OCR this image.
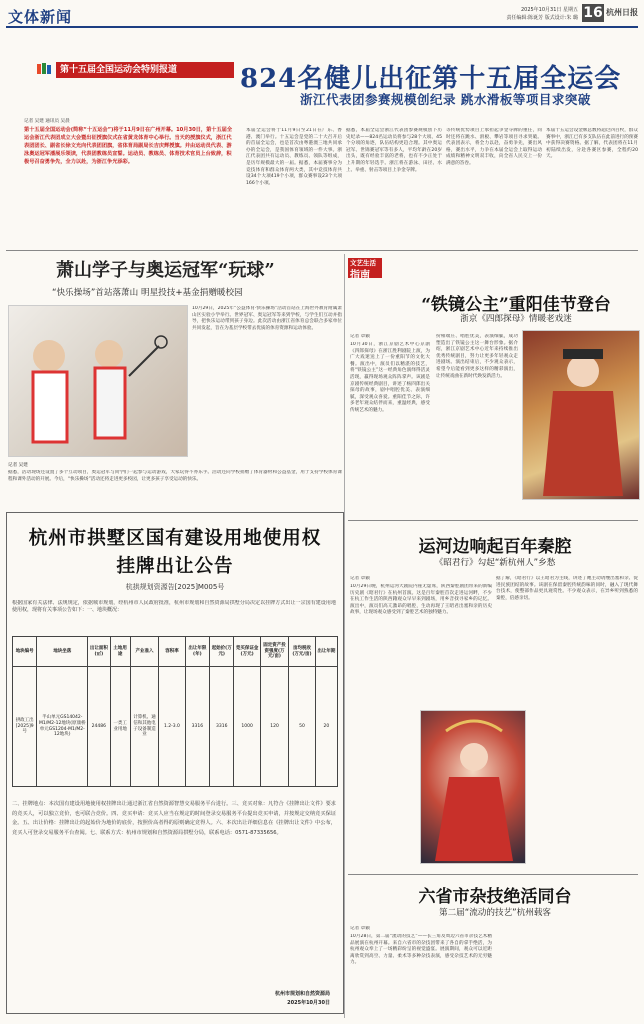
文体新闻	2025年10月31日 星期五
责任编辑:陈诞芳 版式设计:朱 璐 16 杭州日报
第十五届全国运动会特别报道	824名健儿出征第十五届全运会
浙江代表团参赛规模创纪录 跳水滑板等项目求突破
记者 吴建 通讯员 吴晨
第十五届全国运动会(简称“十五运会”)将于11月9日在广州开幕。10月30日，第十五届全运会浙江代表团成立大会暨出征授旗仪式在省黄龙体育中心举行。当天的授旗仪式，浙江代表团团长、副省长徐文光向代表团团旗，省体育局副局长吉庆辉授旗。并由运动员代表、游泳奥运冠军潘展乐领读，代表团教练员宣誓。运动员、教练员、体育技术官员上台致辞，积极号召奋勇争先，全力以赴，为浙江争光添彩。
本届全运会将于11月9日至21日在广东、香港、澳门举行。十五运会是党的二十大召开后的首届全运会，也是首次由粤港澳三地共同承办的全运会，是我国体育领域的一件大事。浙江代表团共有运动员、教练员、领队等组成，是历年规模最大的一届。据悉，本届赛事分为竞技体育和群众体育两大类，其中竞技体育共设34个大项419个小项，群众赛事设23个大项166个小项。
据悉，本届全运会浙江代表团参赛规模创下历史纪录——824名运动员将参与28个大项、45个分项的角逐，队伍结构更趋合理。其中奥运冠军、世锦赛冠军等有多人，平均年龄在20岁出头，既有经验丰富的老将，也有不少正处于上升期的年轻选手。浙江将在游泳、田径、水上、举重、射击等项目上争金夺牌。
等传统优势项目上承担起争金夺牌的重任，同时还将在跳水、滑板、攀岩等项目寻求突破。代表团表示，将全力以赴，奋勇争先，赛出风格，赛出水平，力争在本届全运会上取得运动成绩和精神文明双丰收，向全省人民交上一份满意的答卷。
本届十五运会设金牌总数将超过四百枚，群众赛事中，浙江已有多支队伍在此前进行的预赛中获得决赛资格。据了解，代表团将在11月初陆续出发，分赴各赛区参赛，全程约20天。
萧山学子与奥运冠军“玩球”
“快乐操场”首站落萧山 明星投技+基金捐赠暖校园
10月29日，2025年“公益体育·快乐操场”活动首站在上海世外教育附属萧山区实验小学举行。世界冠军、奥运冠军等来到学校，与学生们互动并指导，把快乐运动带到孩子身边。此次活动由浙江省体育总会联合多家单位共同发起，旨在为基层学校带去优质的体育资源和运动体验。
记者 吴建
据悉，活动现场还设置了多个互动项目，奥运冠军与同学们一起参与运动游戏，大家玩得不亦乐乎。活动还向学校捐赠了体育器材和公益基金，用于支持学校体育课程和课外活动的开展。今后，“快乐操场”活动还将走进更多校园，让更多孩子享受运动的快乐。
杭州市拱墅区国有建设用地使用权
挂牌出让公告
杭拱规划资源告[2025]M005号
根据国家有关法律、法规规定，依据城市规划，经杭州市人民政府批准，杭州市规划和自然资源局拱墅分局决定以挂牌方式出让一宗国有建设用地使用权，现将有关事项公告如下：一、地块概况：
地块编号	地块坐落	出让面积(㎡)	土地用途	产业准入	容积率	出让年限(年)	起始价(万元)	竞买保证金(万元)	固定资产投资强度(万元/亩)	亩均税收(万元/亩)	出让年期
拱政工出[2025]9号	半山单元GS14042-M1/M2-12地块(原康桥单元GS1204-M1/M2-12地块)	24486	一类工业用地	计算机、通信和其他电子设备制造业	1.2-3.0	3316	3316	1000	120	50	20
二、挂牌地点：本次国有建设用地使用权挂牌出让通过浙江省自然资源智慧交易服务平台进行。三、竞买对象：凡符合《挂牌出让文件》要求的竞买人，可以独立竞价，也可联合竞价。四、竞买申请：竞买人应当在规定的时间登录交易服务平台提出竞买申请，并按规定交纳竞买保证金。五、出让价格：挂牌出让的起始价为地价的底价，按照价高者得的原则确定竞得人。六、本次出让详细信息在《挂牌出让文件》中公布，竞买人可登录交易服务平台查阅。七、联系方式：杭州市规划和自然资源局拱墅分局，联系电话：0571-87335656。
杭州市规划和自然资源局
2025年10月30日
文艺生活
指南
“铁镜公主”重阳佳节登台
浙京《四郎探母》情暖老戏迷
记者 章颖
10月30日，浙江京剧艺术中心京剧《四郎探母》在浙江胜利剧院上演，为广大戏迷送上了一份重阳节的文化大餐。演出中，演员们以精湛的技艺，将“铁镜公主”这一经典角色演绎得活灵活现，赢得现场观众阵阵掌声。该剧是京剧传统经典剧目，讲述了杨四郎出关探母的故事，剧中唱腔优美、表演细腻，深受观众喜爱。重阳佳节之际，许多老年观众结伴而来，重温经典，感受传统艺术的魅力。
扮相端庄、唱腔优美，表演细腻，成功塑造出了铁镜公主这一舞台形象。据介绍，浙江京剧艺术中心近年来持续推出优秀传统剧目，努力让更多年轻观众走进剧场。演出结束后，不少观众表示，希望今后能看到更多这样的精彩演出，让传统戏曲在新时代焕发新活力。
运河边响起百年秦腔
《昭君行》勾起“新杭州人”乡愁
记者 章颖
10月29日晚，杭州运河大剧院内座无虚席，陕西秦腔剧团带来的新编历史剧《昭君行》在杭州首演。这是百年秦腔首次走进运河畔，不少在杭工作生活的陕西籍观众早早来到剧场，用乡音找寻家乡的记忆。演出中，演员们高亢激昂的唱腔，生动再现了王昭君出塞和亲的历史故事，让现场观众感受到了秦腔艺术的独特魅力。
据了解，《昭君行》以王昭君为主线，讲述了她主动请缨出塞和亲、促进民族团结的故事。该剧在保留秦腔传统韵味的同时，融入了现代舞台技术，使整部作品更具观赏性。不少观众表示，在异乡听到熟悉的秦腔，倍感亲切。
六省市杂技绝活同台
第二届“流动的技艺”杭州载客
记者 章颖
10月28日，第二届“流动的技艺”——长三角及周边六省市杂技艺术精品展演在杭州开幕。来自六省市的杂技团带来了各自的拿手绝活，为杭州观众奉上了一场精彩纷呈的视觉盛宴。展演期间，观众可以近距离欣赏到高空、力量、柔术等多种杂技表演，感受杂技艺术的无穷魅力。
